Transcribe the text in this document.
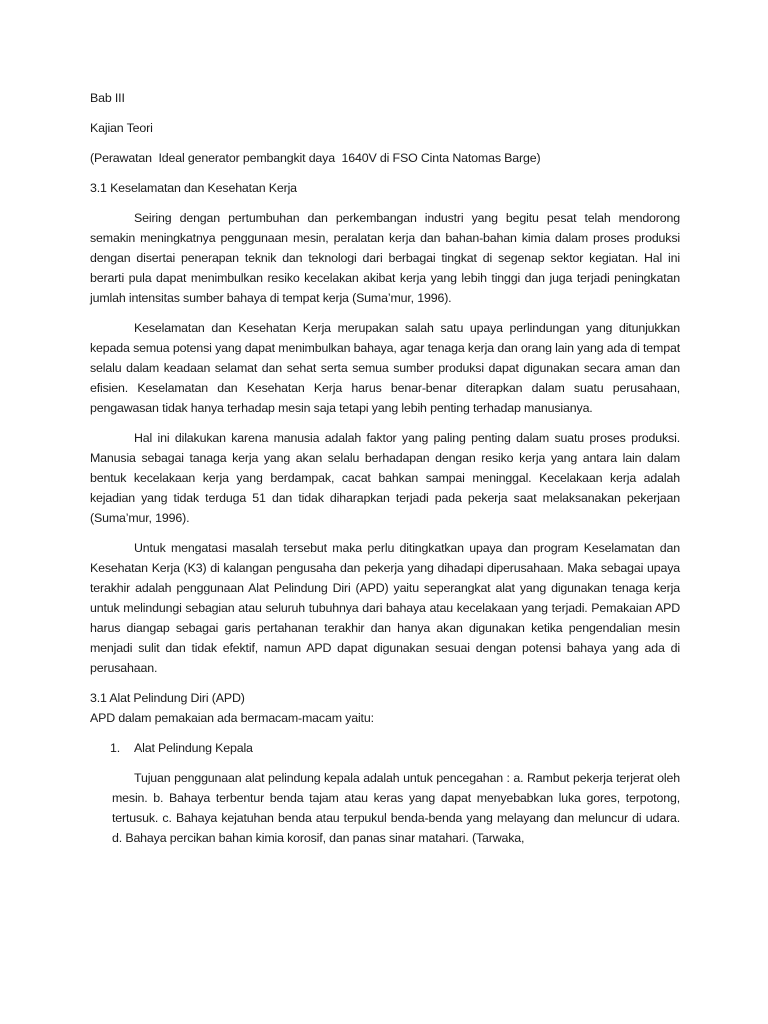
Bab III

Kajian Teori

(Perawatan  Ideal generator pembangkit daya  1640V di FSO Cinta Natomas Barge)

3.1 Keselamatan dan Kesehatan Kerja

Seiring dengan pertumbuhan dan perkembangan industri yang begitu pesat telah mendorong semakin meningkatnya penggunaan mesin, peralatan kerja dan bahan-bahan kimia dalam proses produksi dengan disertai penerapan teknik dan teknologi dari berbagai tingkat di segenap sektor kegiatan. Hal ini berarti pula dapat menimbulkan resiko kecelakan akibat kerja yang lebih tinggi dan juga terjadi peningkatan jumlah intensitas sumber bahaya di tempat kerja (Suma’mur, 1996).

Keselamatan dan Kesehatan Kerja merupakan salah satu upaya perlindungan yang ditunjukkan kepada semua potensi yang dapat menimbulkan bahaya, agar tenaga kerja dan orang lain yang ada di tempat selalu dalam keadaan selamat dan sehat serta semua sumber produksi dapat digunakan secara aman dan efisien. Keselamatan dan Kesehatan Kerja harus benar-benar diterapkan dalam suatu perusahaan, pengawasan tidak hanya terhadap mesin saja tetapi yang lebih penting terhadap manusianya.

Hal ini dilakukan karena manusia adalah faktor yang paling penting dalam suatu proses produksi. Manusia sebagai tanaga kerja yang akan selalu berhadapan dengan resiko kerja yang antara lain dalam bentuk kecelakaan kerja yang berdampak, cacat bahkan sampai meninggal. Kecelakaan kerja adalah kejadian yang tidak terduga 51 dan tidak diharapkan terjadi pada pekerja saat melaksanakan pekerjaan (Suma’mur, 1996).

Untuk mengatasi masalah tersebut maka perlu ditingkatkan upaya dan program Keselamatan dan Kesehatan Kerja (K3) di kalangan pengusaha dan pekerja yang dihadapi diperusahaan. Maka sebagai upaya terakhir adalah penggunaan Alat Pelindung Diri (APD) yaitu seperangkat alat yang digunakan tenaga kerja untuk melindungi sebagian atau seluruh tubuhnya dari bahaya atau kecelakaan yang terjadi. Pemakaian APD harus diangap sebagai garis pertahanan terakhir dan hanya akan digunakan ketika pengendalian mesin menjadi sulit dan tidak efektif, namun APD dapat digunakan sesuai dengan potensi bahaya yang ada di perusahaan.

3.1 Alat Pelindung Diri (APD)

APD dalam pemakaian ada bermacam-macam yaitu:

1.	Alat Pelindung Kepala

Tujuan penggunaan alat pelindung kepala adalah untuk pencegahan : a. Rambut pekerja terjerat oleh mesin. b. Bahaya terbentur benda tajam atau keras yang dapat menyebabkan luka gores, terpotong, tertusuk. c. Bahaya kejatuhan benda atau terpukul benda-benda yang melayang dan meluncur di udara. d. Bahaya percikan bahan kimia korosif, dan panas sinar matahari. (Tarwaka,
